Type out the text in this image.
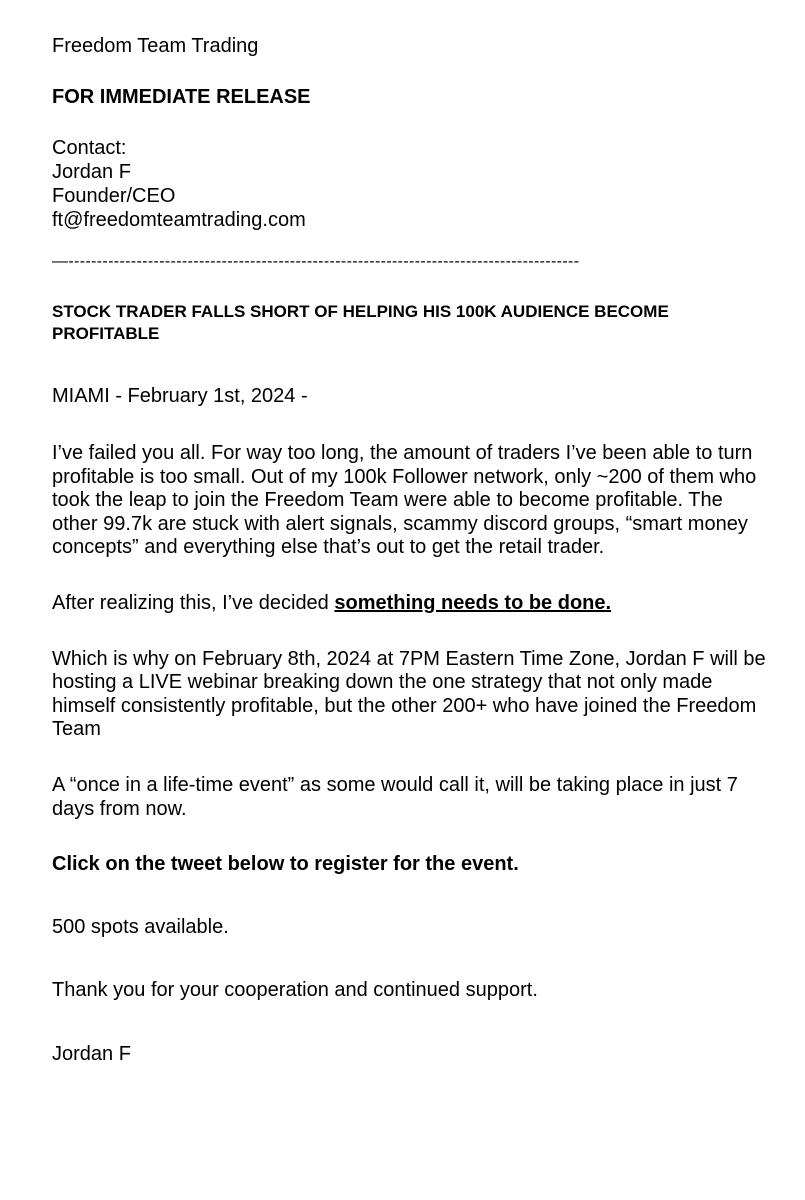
Freedom Team Trading

FOR IMMEDIATE RELEASE

Contact:
Jordan F
Founder/CEO
ft@freedomteamtrading.com
—------------------------------------------------------------------------------------------

STOCK TRADER FALLS SHORT OF HELPING HIS 100K AUDIENCE BECOME PROFITABLE

MIAMI - February 1st, 2024 -

I’ve failed you all. For way too long, the amount of traders I’ve been able to turn profitable is too small. Out of my 100k Follower network, only ~200 of them who took the leap to join the Freedom Team were able to become profitable. The other 99.7k are stuck with alert signals, scammy discord groups, “smart money concepts” and everything else that’s out to get the retail trader.

After realizing this, I’ve decided something needs to be done.

Which is why on February 8th, 2024 at 7PM Eastern Time Zone, Jordan F will be hosting a LIVE webinar breaking down the one strategy that not only made himself consistently profitable, but the other 200+ who have joined the Freedom Team

A “once in a life-time event” as some would call it, will be taking place in just 7 days from now.

Click on the tweet below to register for the event.

500 spots available.

Thank you for your cooperation and continued support.

Jordan F
